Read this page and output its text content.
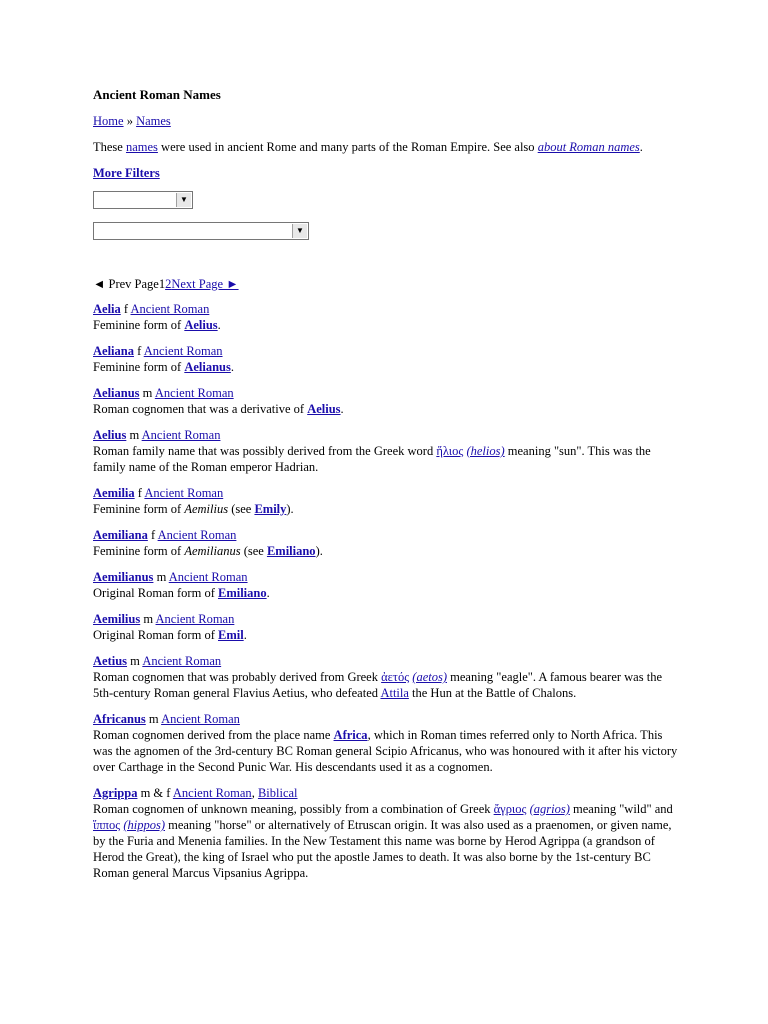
Ancient Roman Names
Home » Names
These names were used in ancient Rome and many parts of the Roman Empire. See also about Roman names.
More Filters
▼
▼
◄ Prev Page12Next Page ►
Aelia f Ancient Roman
Feminine form of Aelius.
Aeliana f Ancient Roman
Feminine form of Aelianus.
Aelianus m Ancient Roman
Roman cognomen that was a derivative of Aelius.
Aelius m Ancient Roman
Roman family name that was possibly derived from the Greek word ἥλιος (helios) meaning "sun". This was the family name of the Roman emperor Hadrian.
Aemilia f Ancient Roman
Feminine form of Aemilius (see Emily).
Aemiliana f Ancient Roman
Feminine form of Aemilianus (see Emiliano).
Aemilianus m Ancient Roman
Original Roman form of Emiliano.
Aemilius m Ancient Roman
Original Roman form of Emil.
Aetius m Ancient Roman
Roman cognomen that was probably derived from Greek ἀετός (aetos) meaning "eagle". A famous bearer was the 5th-century Roman general Flavius Aetius, who defeated Attila the Hun at the Battle of Chalons.
Africanus m Ancient Roman
Roman cognomen derived from the place name Africa, which in Roman times referred only to North Africa. This was the agnomen of the 3rd-century BC Roman general Scipio Africanus, who was honoured with it after his victory over Carthage in the Second Punic War. His descendants used it as a cognomen.
Agrippa m & f Ancient Roman, Biblical
Roman cognomen of unknown meaning, possibly from a combination of Greek ἄγριος (agrios) meaning "wild" and ἵππος (hippos) meaning "horse" or alternatively of Etruscan origin. It was also used as a praenomen, or given name, by the Furia and Menenia families. In the New Testament this name was borne by Herod Agrippa (a grandson of Herod the Great), the king of Israel who put the apostle James to death. It was also borne by the 1st-century BC Roman general Marcus Vipsanius Agrippa.
